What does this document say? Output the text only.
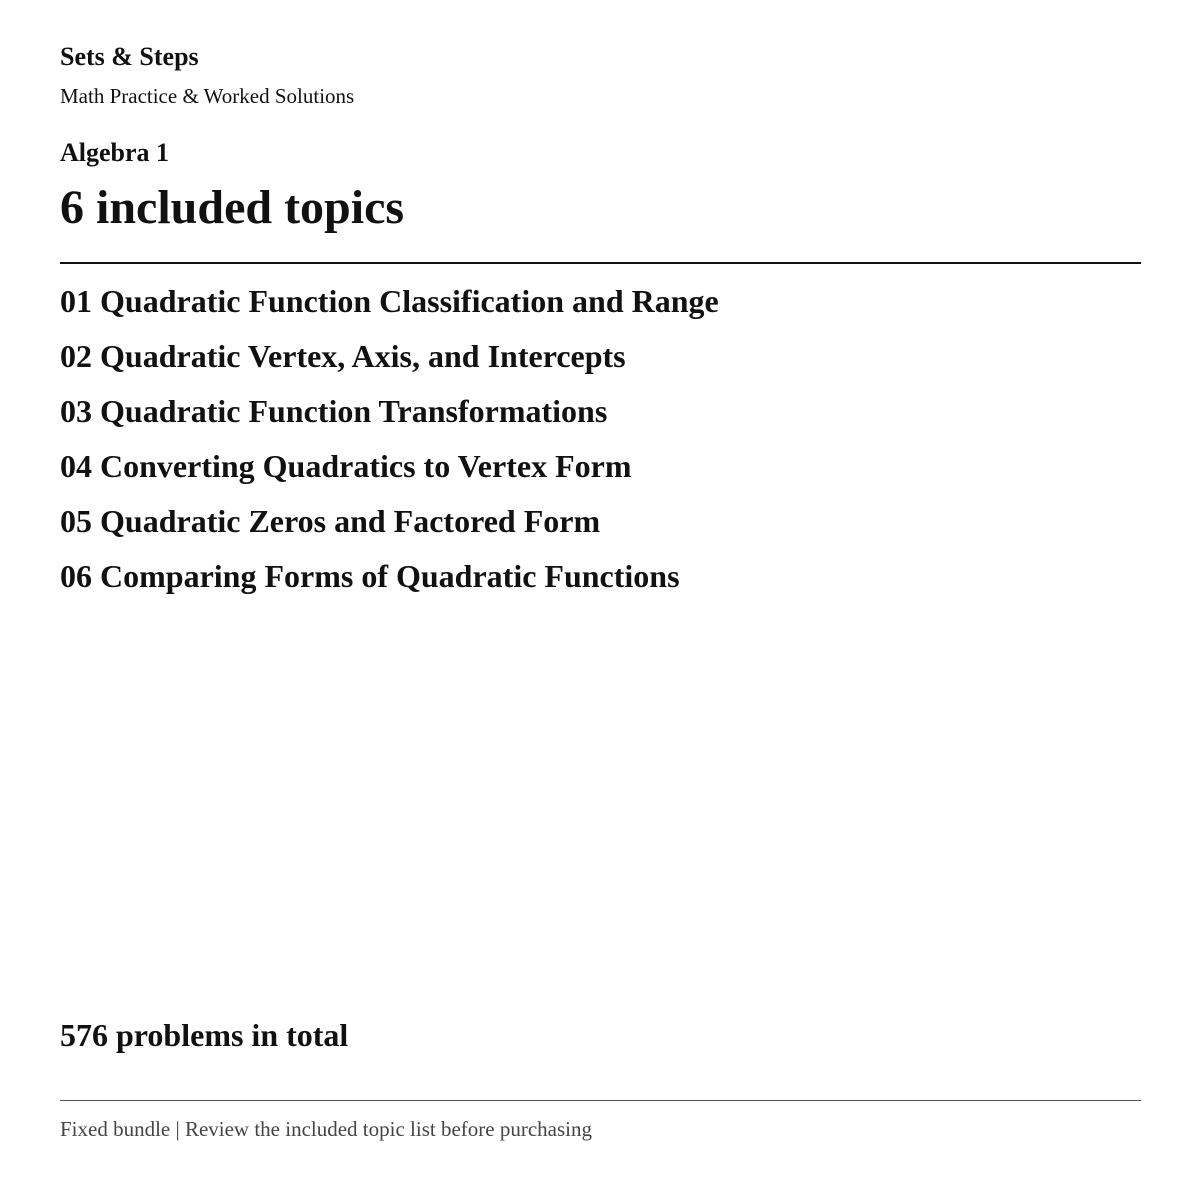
Sets & Steps
Math Practice & Worked Solutions
Algebra 1
6 included topics
01 Quadratic Function Classification and Range
02 Quadratic Vertex, Axis, and Intercepts
03 Quadratic Function Transformations
04 Converting Quadratics to Vertex Form
05 Quadratic Zeros and Factored Form
06 Comparing Forms of Quadratic Functions
576 problems in total
Fixed bundle | Review the included topic list before purchasing
